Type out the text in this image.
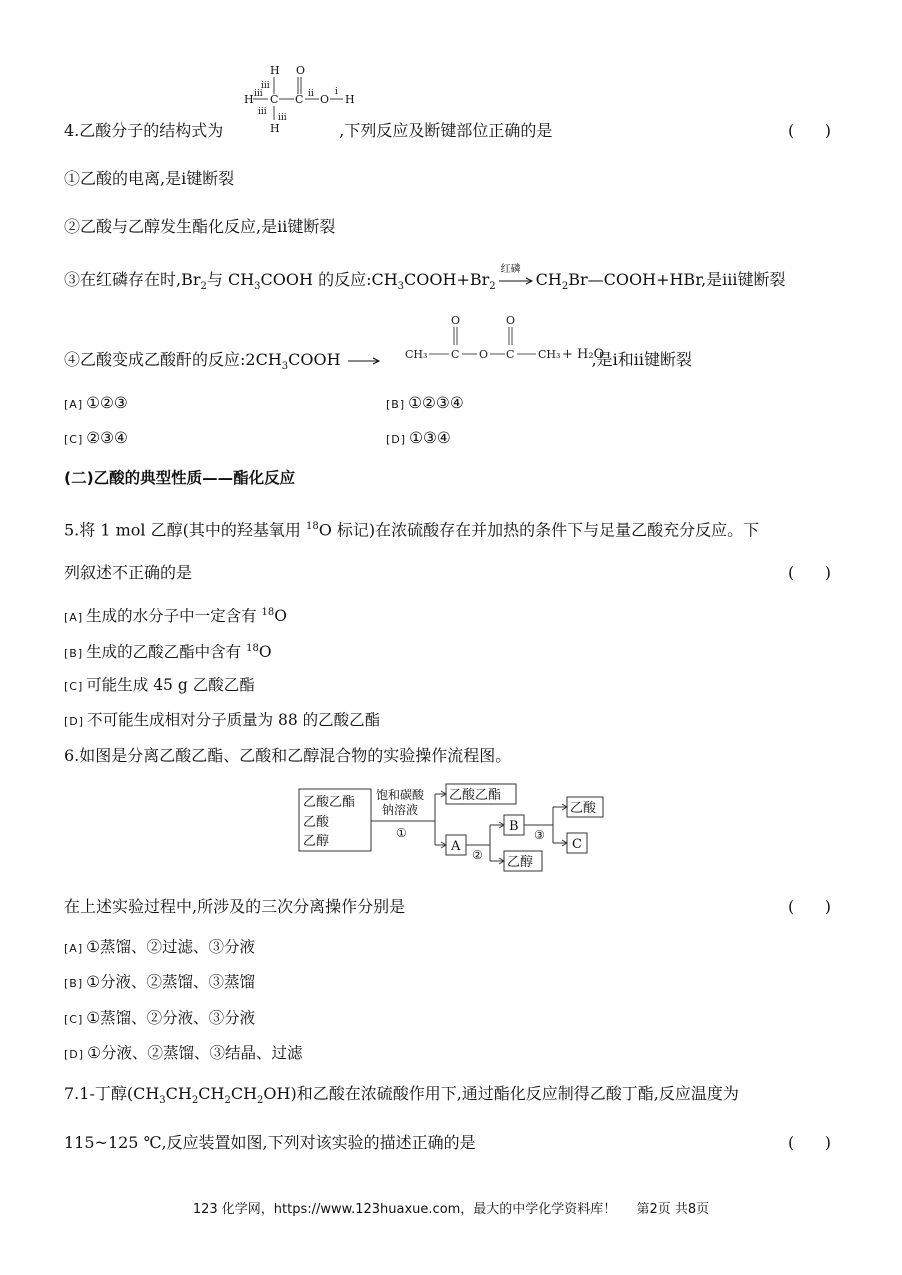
H O
iii
H iii C C ii O
i
H
iii
iii
H
4.乙酸分子的结构式为	,下列反应及断键部位正确的是	(      )
①乙酸的电离,是ⅰ键断裂
②乙酸与乙醇发生酯化反应,是ⅱ键断裂
③在红磷存在时$,Br_2$与 $CH_3COOH$ 的反应$:CH_3COOH+Br_2$
红磷
$CH_2Br—COOH+HBr$,是ⅲ键断裂
④乙酸变成乙酸酐的反应$:2CH_3COOH$ →	,是ⅰ和ⅱ键断裂
CH₃ C
O
O C
O
CH₃ + H₂O
[A] ①②③	[B] ①②③④
[C] ②③④	[D] ①③④
(二)乙酸的典型性质——酯化反应
5.将 1 mol 乙醇(其中的羟基氧用 $^{18}$O 标记)在浓硫酸存在并加热的条件下与足量乙酸充分反应。下
列叙述不正确的是	(      )
[A] 生成的水分子中一定含有 $^{18}$O
[B] 生成的乙酸乙酯中含有 $^{18}$O
[C] 可能生成 45 g 乙酸乙酯
[D] 不可能生成相对分子质量为 88 的乙酸乙酯
6.如图是分离乙酸乙酯、乙酸和乙醇混合物的实验操作流程图。
乙酸乙酯
乙酸
乙醇
饱和碳酸
钠溶液
①
乙酸乙酯
A
②
B
乙醇
③
乙酸
C
在上述实验过程中,所涉及的三次分离操作分别是	(      )
[A] ①蒸馏、②过滤、③分液
[B] ①分液、②蒸馏、③蒸馏
[C] ①蒸馏、②分液、③分液
[D] ①分液、②蒸馏、③结晶、过滤
7.1-丁醇$(CH_3CH_2CH_2CH_2OH)$和乙酸在浓硫酸作用下,通过酯化反应制得乙酸丁酯,反应温度为
115~125 ℃,反应装置如图,下列对该实验的描述正确的是	(      )
123 化学网，https://www.123huaxue.com，最大的中学化学资料库！ 第2页 共8页
